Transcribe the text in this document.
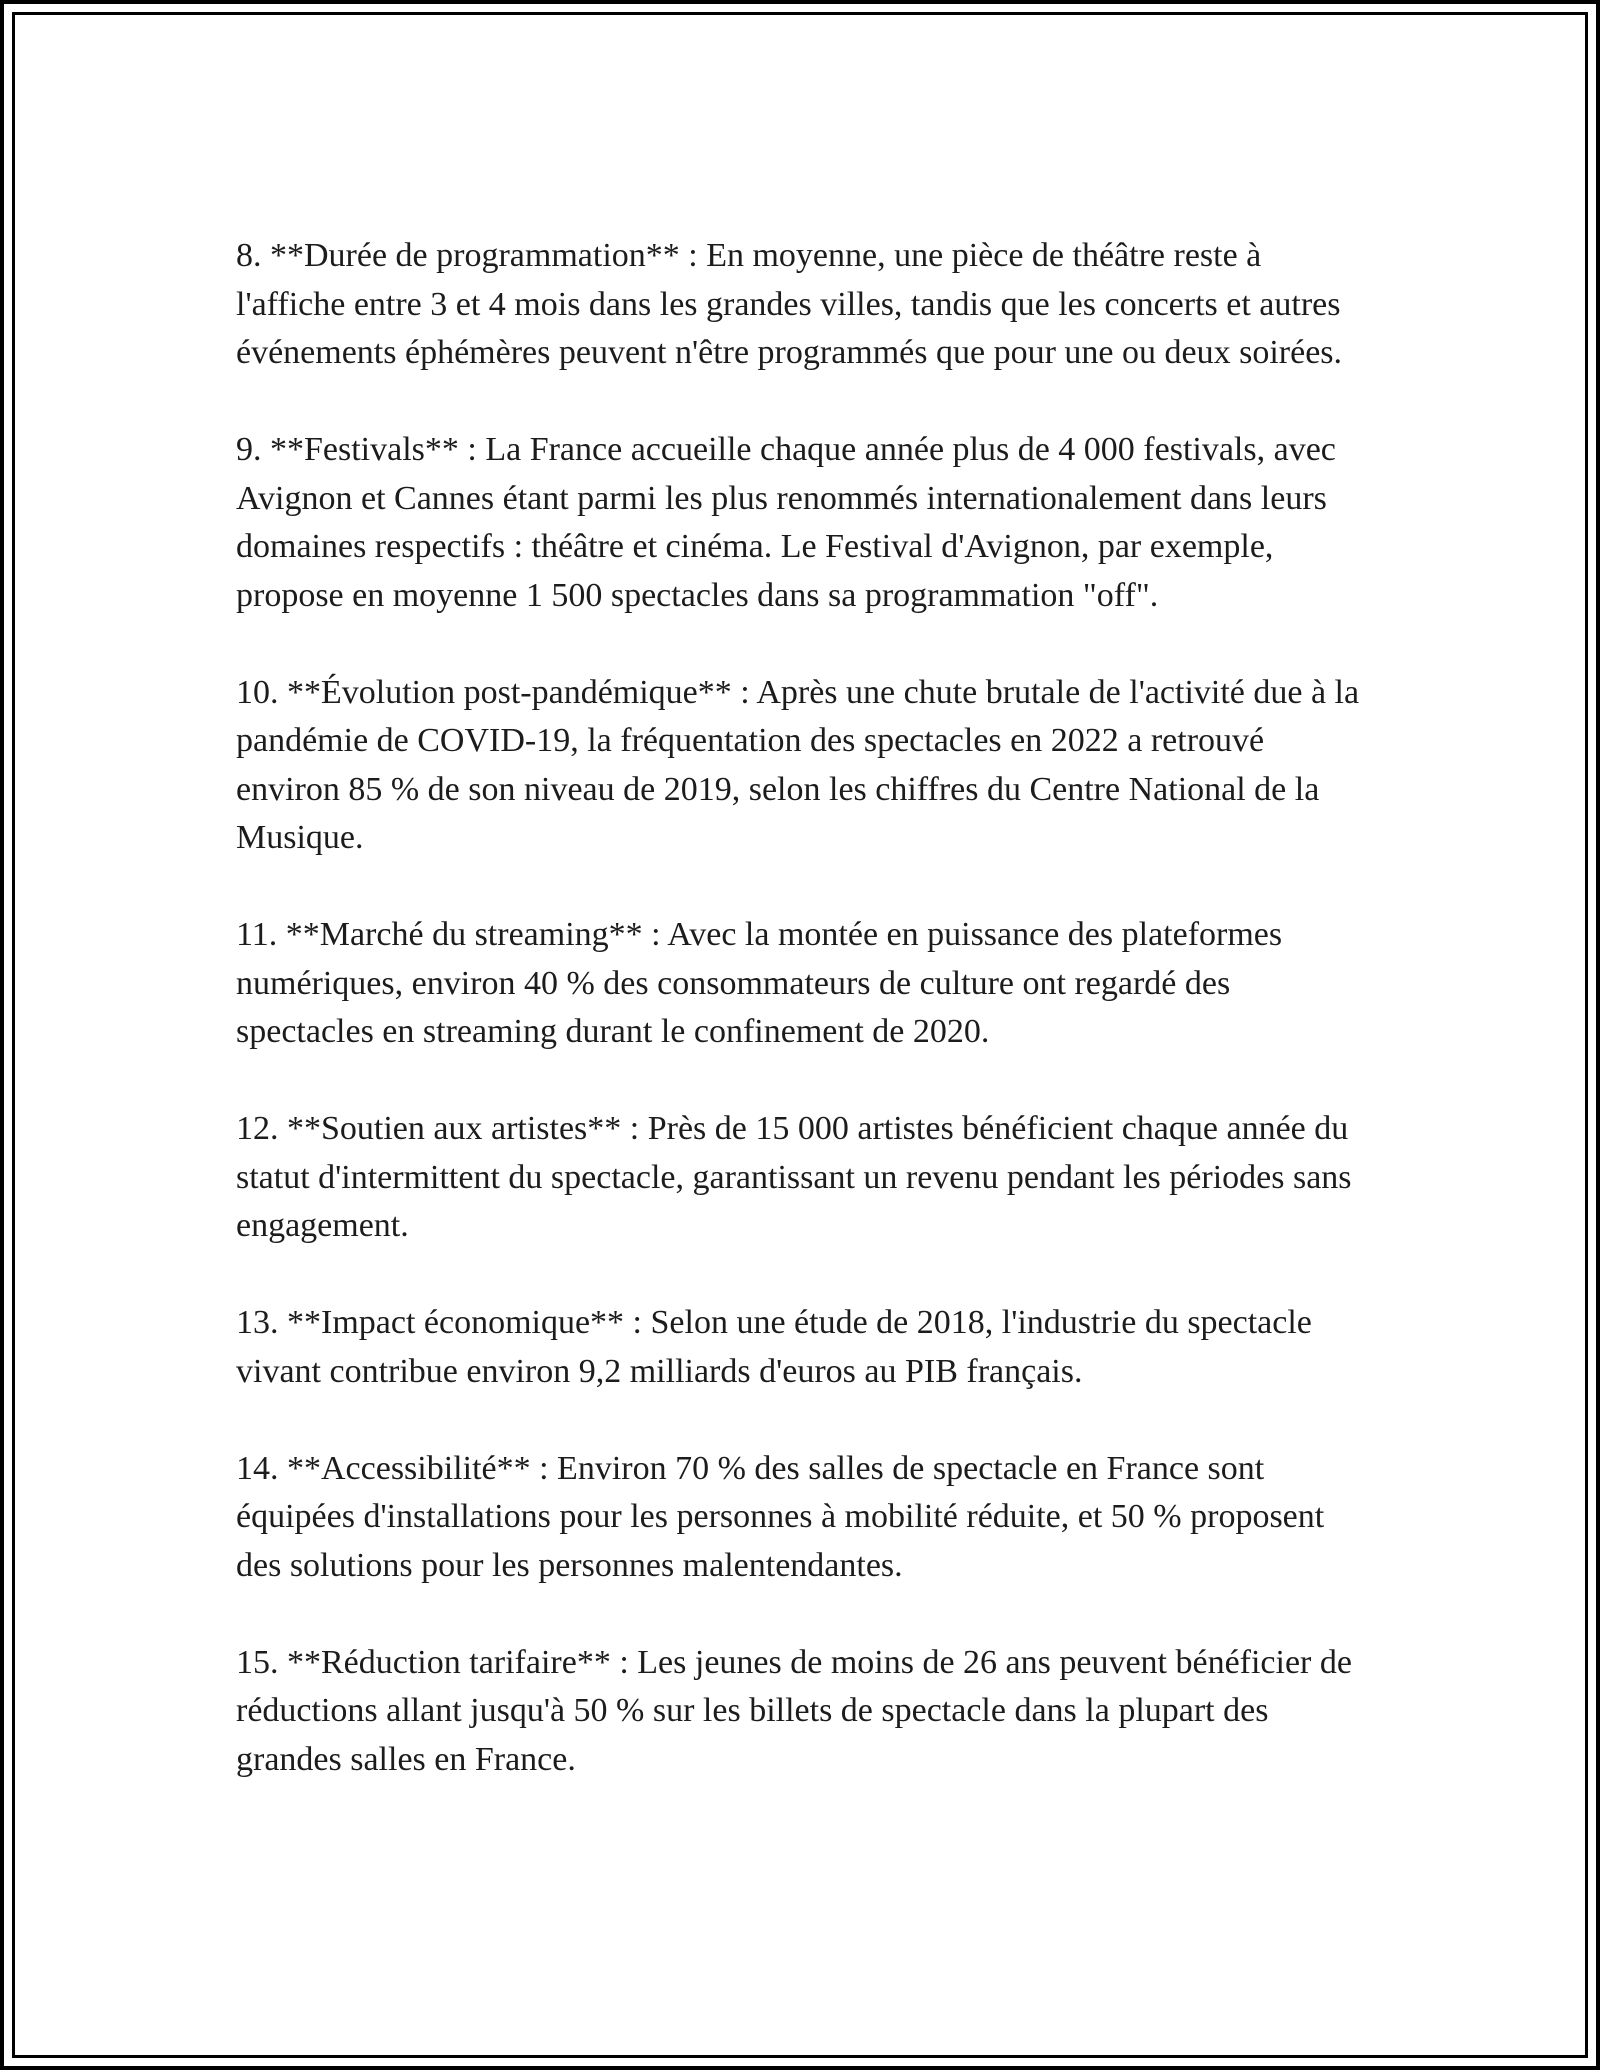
8. **Durée de programmation** : En moyenne, une pièce de théâtre reste à l'affiche entre 3 et 4 mois dans les grandes villes, tandis que les concerts et autres événements éphémères peuvent n'être programmés que pour une ou deux soirées.

9. **Festivals** : La France accueille chaque année plus de 4 000 festivals, avec Avignon et Cannes étant parmi les plus renommés internationalement dans leurs domaines respectifs : théâtre et cinéma. Le Festival d'Avignon, par exemple, propose en moyenne 1 500 spectacles dans sa programmation "off".

10. **Évolution post-pandémique** : Après une chute brutale de l'activité due à la pandémie de COVID-19, la fréquentation des spectacles en 2022 a retrouvé environ 85 % de son niveau de 2019, selon les chiffres du Centre National de la Musique.

11. **Marché du streaming** : Avec la montée en puissance des plateformes numériques, environ 40 % des consommateurs de culture ont regardé des spectacles en streaming durant le confinement de 2020.

12. **Soutien aux artistes** : Près de 15 000 artistes bénéficient chaque année du statut d'intermittent du spectacle, garantissant un revenu pendant les périodes sans engagement.

13. **Impact économique** : Selon une étude de 2018, l'industrie du spectacle vivant contribue environ 9,2 milliards d'euros au PIB français.

14. **Accessibilité** : Environ 70 % des salles de spectacle en France sont équipées d'installations pour les personnes à mobilité réduite, et 50 % proposent des solutions pour les personnes malentendantes.

15. **Réduction tarifaire** : Les jeunes de moins de 26 ans peuvent bénéficier de réductions allant jusqu'à 50 % sur les billets de spectacle dans la plupart des grandes salles en France.
